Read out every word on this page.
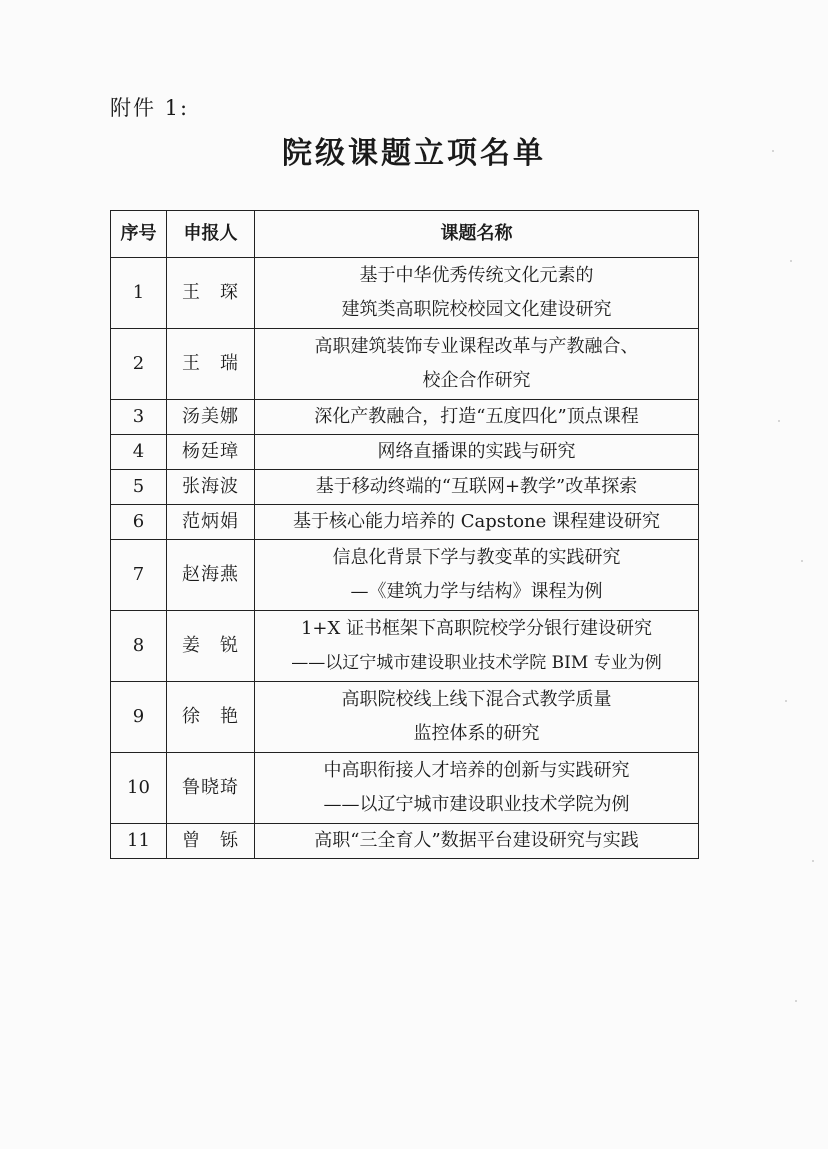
附件 1:
院级课题立项名单
序号	申报人	课题名称
1	王　琛	基于中华优秀传统文化元素的
建筑类高职院校校园文化建设研究

2	王　瑞	高职建筑装饰专业课程改革与产教融合、
校企合作研究

3	汤美娜	深化产教融合，打造“五度四化”顶点课程

4	杨廷璋	网络直播课的实践与研究

5	张海波	基于移动终端的“互联网+教学”改革探索

6	范炳娟	基于核心能力培养的 Capstone 课程建设研究

7	赵海燕	信息化背景下学与教变革的实践研究
—《建筑力学与结构》课程为例

8	姜　锐	1+X 证书框架下高职院校学分银行建设研究
——以辽宁城市建设职业技术学院 BIM 专业为例

9	徐　艳	高职院校线上线下混合式教学质量
监控体系的研究

10	鲁晓琦	中高职衔接人才培养的创新与实践研究
——以辽宁城市建设职业技术学院为例

11	曾　铄	高职“三全育人”数据平台建设研究与实践
